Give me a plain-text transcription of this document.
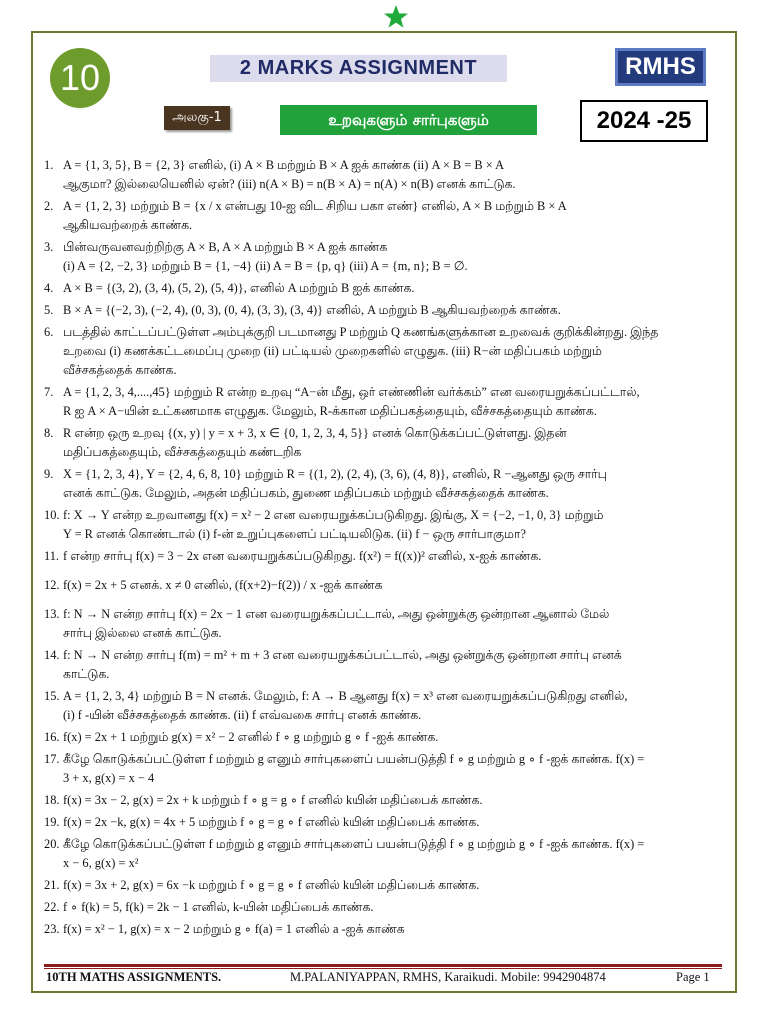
10	2 MARKS ASSIGNMENT	RMHS
அலகு-1	உறவுகளும் சார்புகளும்	2024 -25
1. A = {1, 3, 5}, B = {2, 3} எனில், (i) A × B மற்றும் B × A ஐக் காண்க (ii) A × B = B × A
ஆகுமா? இல்லையெனில் ஏன்? (iii) n(A × B) = n(B × A) = n(A) × n(B) எனக் காட்டுக.
2. A = {1, 2, 3} மற்றும் B = {x / x என்பது 10-ஐ விட சிறிய பகா எண்} எனில், A × B மற்றும் B × A
ஆகியவற்றைக் காண்க.
3. பின்வருவனவற்றிற்கு A × B, A × A மற்றும் B × A ஐக் காண்க
(i) A = {2, −2, 3} மற்றும் B = {1, −4} (ii) A = B = {p, q} (iii) A = {m, n}; B = ∅.
4. A × B = {(3, 2), (3, 4), (5, 2), (5, 4)}, எனில் A மற்றும் B ஐக் காண்க.
5. B × A = {(−2, 3), (−2, 4), (0, 3), (0, 4), (3, 3), (3, 4)} எனில், A மற்றும் B ஆகியவற்றைக் காண்க.
6. படத்தில் காட்டப்பட்டுள்ள அம்புக்குறி படமானது P மற்றும் Q கணங்களுக்கான உறவைக் குறிக்கின்றது. இந்த
உறவை (i) கணக்கட்டமைப்பு முறை (ii) பட்டியல் முறைகளில் எழுதுக. (iii) R−ன் மதிப்பகம் மற்றும்
வீச்சகத்தைக் காண்க.
7. A = {1, 2, 3, 4,....,45} மற்றும் R என்ற உறவு “A−ன் மீது, ஒர் எண்ணின் வர்க்கம்” என வரையறுக்கப்பட்டால்,
R ஐ A × A−யின் உட்கணமாக எழுதுக. மேலும், R-க்கான மதிப்பகத்தையும், வீச்சகத்தையும் காண்க.
8. R என்ற ஒரு உறவு {(x, y) | y = x + 3, x ∈ {0, 1, 2, 3, 4, 5}} எனக் கொடுக்கப்பட்டுள்ளது. இதன்
மதிப்பகத்தையும், வீச்சகத்தையும் கண்டறிக
9. X = {1, 2, 3, 4}, Y = {2, 4, 6, 8, 10} மற்றும் R = {(1, 2), (2, 4), (3, 6), (4, 8)}, எனில், R −ஆனது ஒரு சார்பு
எனக் காட்டுக. மேலும், அதன் மதிப்பகம், துணை மதிப்பகம் மற்றும் வீச்சகத்தைக் காண்க.
10. f: X → Y என்ற உறவானது f(x) = x² − 2 என வரையறுக்கப்படுகிறது. இங்கு, X = {−2, −1, 0, 3} மற்றும்
Y = R எனக் கொண்டால் (i) f-ன் உறுப்புகளைப் பட்டியலிடுக. (ii) f − ஒரு சார்பாகுமா?
11. f என்ற சார்பு f(x) = 3 − 2x என வரையறுக்கப்படுகிறது. f(x²) = f((x))² எனில், x-ஐக் காண்க.
12. f(x) = 2x + 5 எனக். x ≠ 0 எனில், (f(x+2)−f(2)) / x -ஐக் காண்க
13. f: N → N என்ற சார்பு f(x) = 2x − 1 என வரையறுக்கப்பட்டால், அது ஒன்றுக்கு ஒன்றான ஆனால் மேல்
சார்பு இல்லை எனக் காட்டுக.
14. f: N → N என்ற சார்பு f(m) = m² + m + 3 என வரையறுக்கப்பட்டால், அது ஒன்றுக்கு ஒன்றான சார்பு எனக்
காட்டுக.
15. A = {1, 2, 3, 4} மற்றும் B = N எனக். மேலும், f: A → B ஆனது f(x) = x³ என வரையறுக்கப்படுகிறது எனில்,
(i) f -யின் வீச்சகத்தைக் காண்க. (ii) f எவ்வகை சார்பு எனக் காண்க.
16. f(x) = 2x + 1 மற்றும் g(x) = x² − 2 எனில் f ∘ g மற்றும் g ∘ f -ஐக் காண்க.
17. கீழே கொடுக்கப்பட்டுள்ள f மற்றும் g எனும் சார்புகளைப் பயன்படுத்தி f ∘ g மற்றும் g ∘ f -ஐக் காண்க. f(x) =
3 + x, g(x) = x − 4
18. f(x) = 3x − 2, g(x) = 2x + k மற்றும் f ∘ g = g ∘ f எனில் kயின் மதிப்பைக் காண்க.
19. f(x) = 2x −k, g(x) = 4x + 5 மற்றும் f ∘ g = g ∘ f எனில் kயின் மதிப்பைக் காண்க.
20. கீழே கொடுக்கப்பட்டுள்ள f மற்றும் g எனும் சார்புகளைப் பயன்படுத்தி f ∘ g மற்றும் g ∘ f -ஐக் காண்க. f(x) =
x − 6, g(x) = x²
21. f(x) = 3x + 2, g(x) = 6x −k மற்றும் f ∘ g = g ∘ f எனில் kயின் மதிப்பைக் காண்க.
22. f ∘ f(k) = 5, f(k) = 2k − 1 எனில், k-யின் மதிப்பைக் காண்க.
23. f(x) = x² − 1, g(x) = x − 2 மற்றும் g ∘ f(a) = 1 எனில் a -ஐக் காண்க
10TH MATHS ASSIGNMENTS.	M.PALANIYAPPAN, RMHS, Karaikudi. Mobile: 9942904874	Page 1
